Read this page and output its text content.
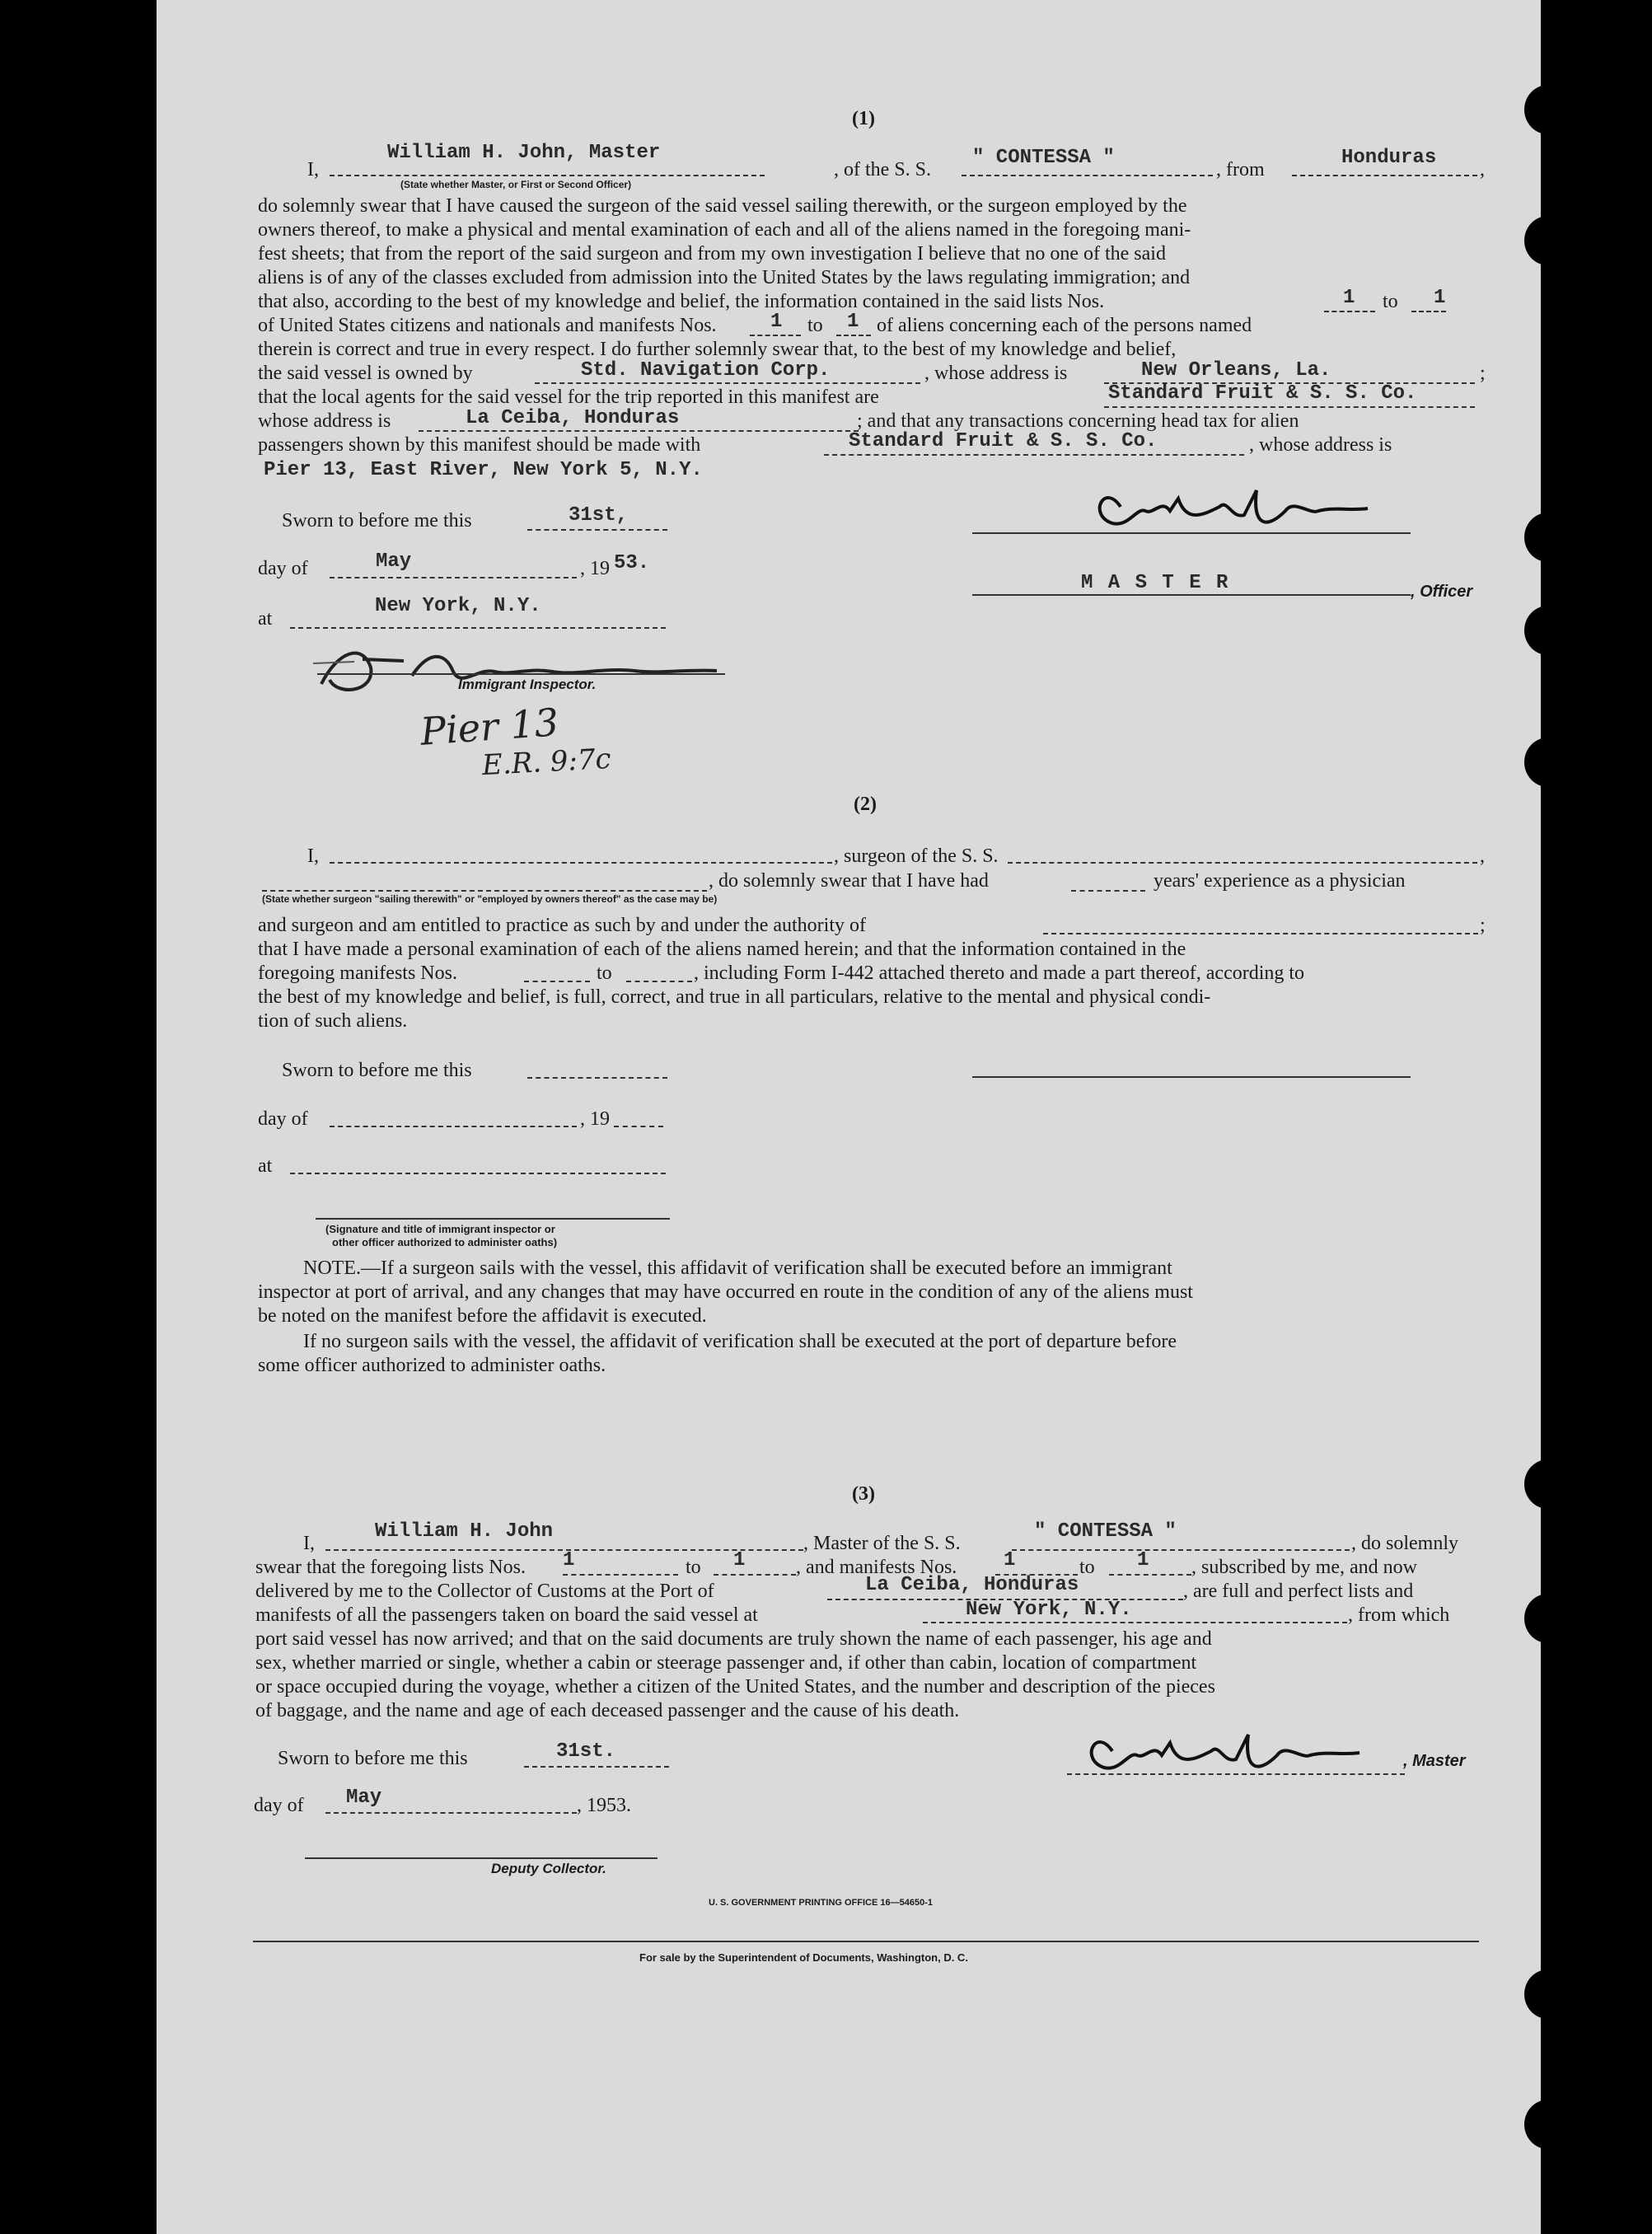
(1)
I,
William H. John, Master
(State whether Master, or First or Second Officer)
, of the S. S.
" CONTESSA "
, from
Honduras
,
do solemnly swear that I have caused the surgeon of the said vessel sailing therewith, or the surgeon employed by the
owners thereof, to make a physical and mental examination of each and all of the aliens named in the foregoing mani-
fest sheets; that from the report of the said surgeon and from my own investigation I believe that no one of the said
aliens is of any of the classes excluded from admission into the United States by the laws regulating immigration; and
that also, according to the best of my knowledge and belief, the information contained in the said lists Nos.	1 to 1
of United States citizens and nationals and manifests Nos.	1 to 1 of aliens concerning each of the persons named
therein is correct and true in every respect. I do further solemnly swear that, to the best of my knowledge and belief,
the said vessel is owned by	Std. Navigation Corp.	, whose address is	New Orleans, La.	;
that the local agents for the said vessel for the trip reported in this manifest are	Standard Fruit & S. S. Co.
whose address is	La Ceiba, Honduras	; and that any transactions concerning head tax for alien
passengers shown by this manifest should be made with	Standard Fruit & S. S. Co.	, whose address is
Pier 13, East River, New York 5, N.Y.
Sworn to before me this	31st,
day of	May	, 19 53.
at
New York, N.Y.
Immigrant Inspector.
Pier 13
E.R. 9:7c
M A S T E R	, Officer
(2)
I,	, surgeon of the S. S.	,
, do solemnly swear that I have had	years' experience as a physician
(State whether surgeon "sailing therewith" or "employed by owners thereof" as the case may be)
and surgeon and am entitled to practice as such by and under the authority of	;
that I have made a personal examination of each of the aliens named herein; and that the information contained in the
foregoing manifests Nos.	to	, including Form I-442 attached thereto and made a part thereof, according to
the best of my knowledge and belief, is full, correct, and true in all particulars, relative to the mental and physical condi-
tion of such aliens.
Sworn to before me this
day of	, 19
at
(Signature and title of immigrant inspector or
other officer authorized to administer oaths)
NOTE.—If a surgeon sails with the vessel, this affidavit of verification shall be executed before an immigrant
inspector at port of arrival, and any changes that may have occurred en route in the condition of any of the aliens must
be noted on the manifest before the affidavit is executed.
If no surgeon sails with the vessel, the affidavit of verification shall be executed at the port of departure before
some officer authorized to administer oaths.
(3)
I,
William H. John
, Master of the S. S.
" CONTESSA "
, do solemnly
swear that the foregoing lists Nos. 1	to 1	, and manifests Nos. 1	to 1 , subscribed by me, and now
delivered by me to the Collector of Customs at the Port of	La Ceiba, Honduras	, are full and perfect lists and
manifests of all the passengers taken on board the said vessel at	New York, N.Y.	, from which
port said vessel has now arrived; and that on the said documents are truly shown the name of each passenger, his age and
sex, whether married or single, whether a cabin or steerage passenger and, if other than cabin, location of compartment
or space occupied during the voyage, whether a citizen of the United States, and the number and description of the pieces
of baggage, and the name and age of each deceased passenger and the cause of his death.
Sworn to before me this	31st.
day of May	, 1953.
, Master
Deputy Collector.
U. S. GOVERNMENT PRINTING OFFICE 16—54650-1
For sale by the Superintendent of Documents, Washington, D. C.
